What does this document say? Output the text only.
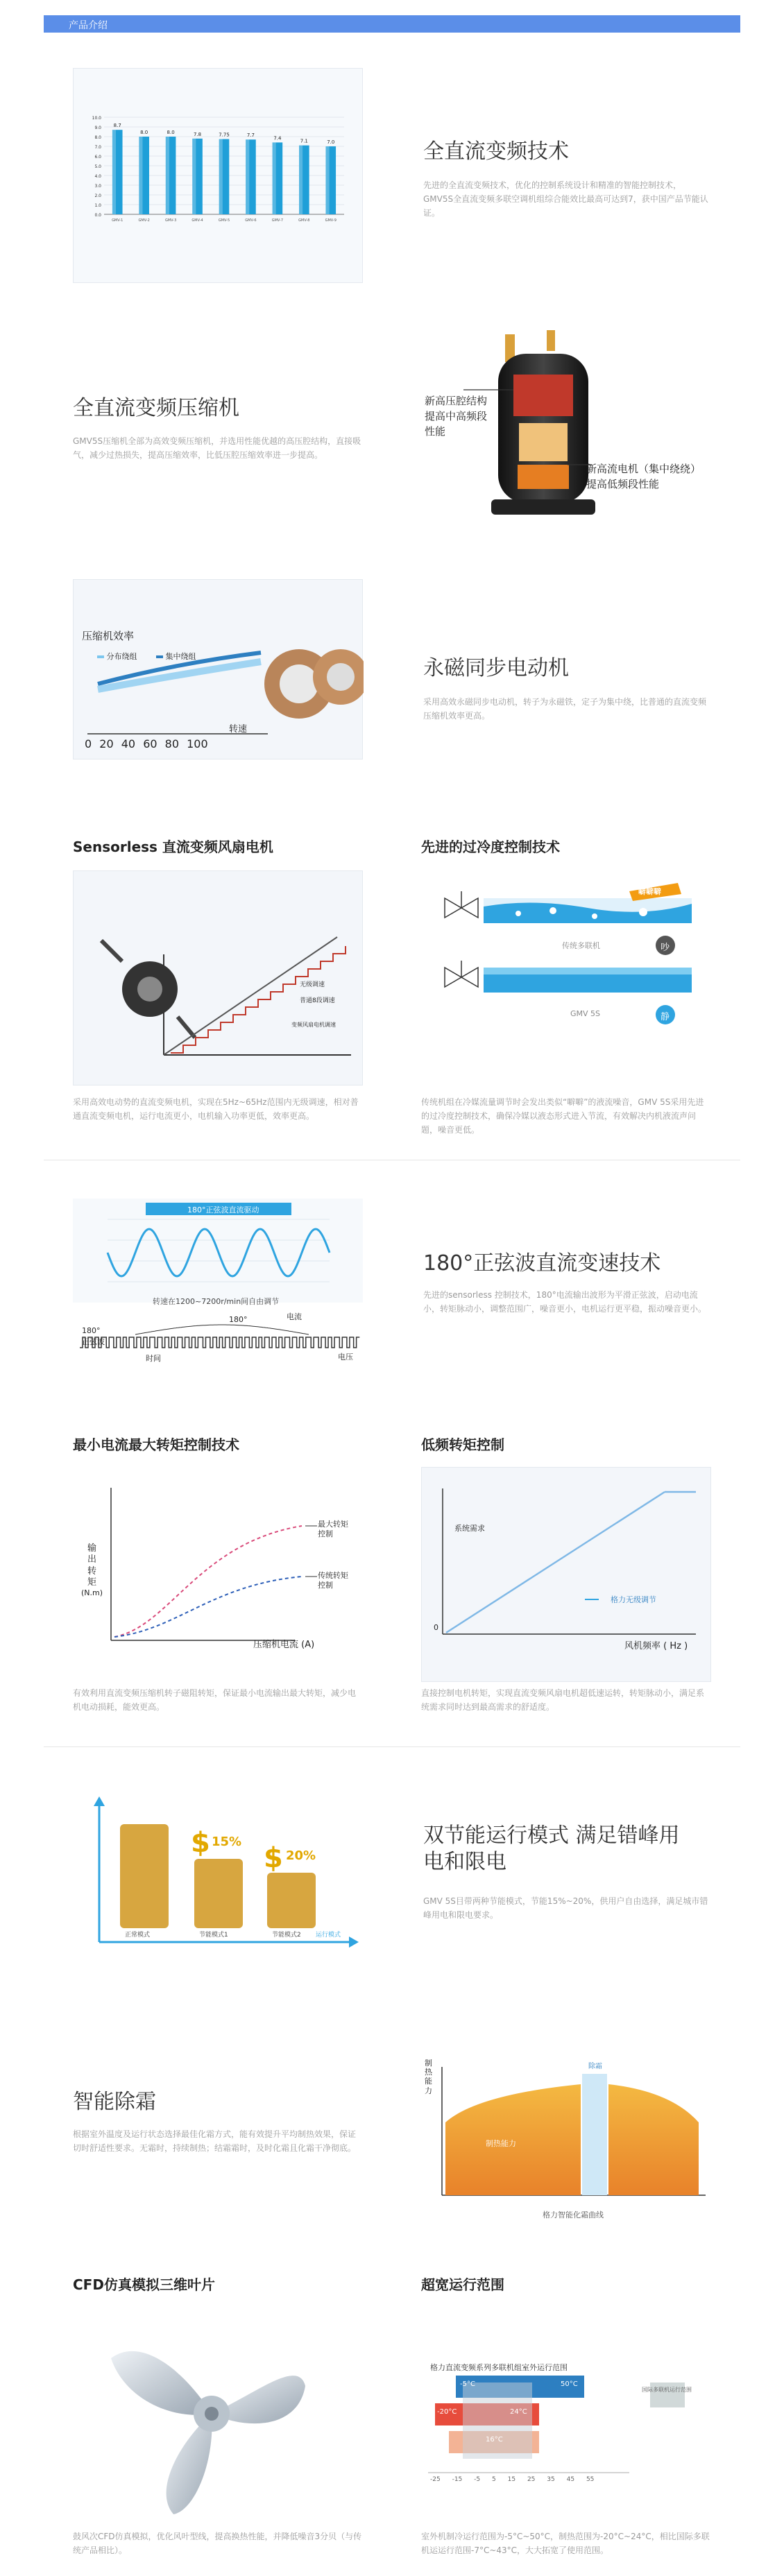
产品介绍
0.0
1.0
2.0
3.0
4.0
5.0
6.0
7.0
8.0
9.0
10.0
8.7
GMV-1
8.0
GMV-2
8.0
GMV-3
7.8
GMV-4
7.75
GMV-5
7.7
GMV-6
7.4
GMV-7
7.1
GMV-8
7.0
GMV-9
全直流变频技术

先进的全直流变频技术，优化的控制系统设计和精准的智能控制技术，GMV5S全直流变频多联空调机组综合能效比最高可达到7，获中国产品节能认证。

全直流变频压缩机

GMV5S压缩机全部为高效变频压缩机，并选用性能优越的高压腔结构，直接吸气，减少过热损失，提高压缩效率，比低压腔压缩效率进一步提高。

新高压腔结构
提高中高频段
性能
新高流电机（集中绕绕）
提高低频段性能
压缩机效率
分布绕组	集中绕组
转速
0 20 40 60 80 100
永磁同步电动机

采用高效永磁同步电动机，转子为永磁铁，定子为集中绕，比普通的直流变频压缩机效率更高。

Sensorless 直流变频风扇电机
无级调速
普通8段调速
变频风扇电机调速

采用高效电动势的直流变频电机，实现在5Hz~65Hz范围内无级调速，相对普通直流变频电机，运行电流更小，电机输入功率更低，效率更高。

先进的过冷度控制技术
噼噼噼
传统多联机	吵
GMV 5S	静

传统机组在冷媒流量调节时会发出类似“噼噼”的液流噪音，GMV 5S采用先进的过冷度控制技术，确保冷媒以液态形式进入节流，有效解决内机液流声问题，噪音更低。

180°正弦波直流驱动
转速在1200~7200r/min间自由调节
180°
正弦波
180°	电流
时间	电压
180°正弦波直流变速技术

先进的sensorless 控制技术，180°电流输出波形为平滑正弦波，启动电流小，转矩脉动小，调整范围广，噪音更小，电机运行更平稳，振动噪音更小。

最小电流最大转矩控制技术
输
出
转
矩
(N.m)
压缩机电流 (A)
最大转矩
控制
传统转矩
控制

有效利用直流变频压缩机转子磁阻转矩，保证最小电流输出最大转矩，减少电机电动损耗，能效更高。

低频转矩控制
系统需求
格力无级调节
风机频率 ( Hz )
0

直接控制电机转矩，实现直流变频风扇电机超低速运转，转矩脉动小，满足系统需求同时达到最高需求的舒适度。

$ $
15%
20%
正常模式	节能模式1	节能模式2 运行模式
双节能运行模式 满足错峰用
电和限电

GMV 5S目带两种节能模式，节能15%~20%，供用户自由选择，满足城市错峰用电和限电要求。

智能除霜

根据室外温度及运行状态选择最佳化霜方式，能有效提升平均制热效果，保证切时舒适性要求。无霜时，持续制热；结霜霜时，及时化霜且化霜干净彻底。

制
热
能
力
制热能力
除霜
格力智能化霜曲线
CFD仿真模拟三维叶片

鼓风次CFD仿真模拟，优化风叶型线，提高换热性能，并降低噪音3分贝（与传统产品相比）。

超宽运行范围
格力直流变频系列多联机组室外运行范围
50°C
24°C
-20°C
-5°C
16°C
国际多联机运行范围
-25 -15 -5 5 15 25 35 45 55

室外机制冷运行范围为-5°C~50°C，制热范围为-20°C~24°C，相比国际多联机运运行范围-7°C~43°C，大大拓宽了使用范围。
